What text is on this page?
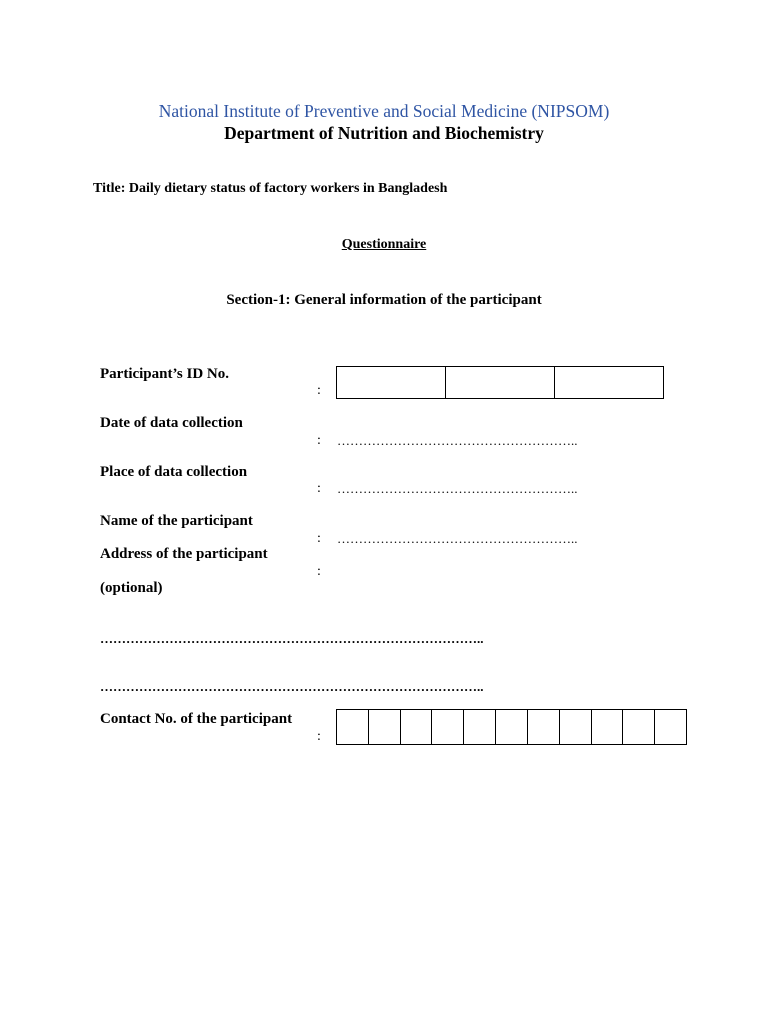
National Institute of Preventive and Social Medicine (NIPSOM)
Department of Nutrition and Biochemistry
Title: Daily dietary status of factory workers in Bangladesh
Questionnaire
Section-1: General information of the participant
Participant’s ID No.
:
Date of data collection
: ………………………………………………..
Place of data collection
: ………………………………………………..
Name of the participant
: ………………………………………………..
Address of the participant
:
(optional)
……………………………………………………………………………..
……………………………………………………………………………..
Contact No. of the participant
:
